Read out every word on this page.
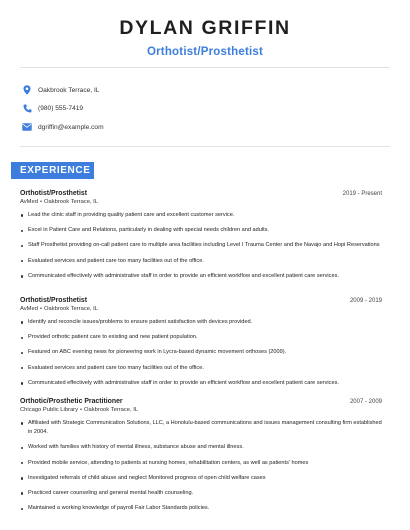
DYLAN GRIFFIN
Orthotist/Prosthetist
Oakbrook Terrace, IL
(980) 555-7419
dgriffin@example.com
EXPERIENCE
Orthotist/Prosthetist	2019 - Present
AvMed • Oakbrook Terrace, IL
Lead the clinic staff in providing quality patient care and excellent customer service.
Excel in Patient Care and Relations, particularly in dealing with special needs children and adults.
Staff Prosthetist providing on-call patient care to multiple area facilities including Level I Trauma Center and the Navajo and Hopi Reservations
Evaluated services and patient care too many facilities out of the office.
Communicated effectively with administrative staff in order to provide an efficient workflow and excellent patient care services.
Orthotist/Prosthetist	2009 - 2019
AvMed • Oakbrook Terrace, IL
Identify and reconcile issues/problems to ensure patient satisfaction with devices provided.
Provided orthotic patient care to existing and new patient population.
Featured on ABC evening news for pioneering work in Lycra-based dynamic movement orthoses (2009).
Evaluated services and patient care too many facilities out of the office.
Communicated effectively with administrative staff in order to provide an efficient workflow and excellent patient care services.
Orthotic/Prosthetic Practitioner	2007 - 2009
Chicago Public Library • Oakbrook Terrace, IL
Affiliated with Strategic Communication Solutions, LLC, a Honolulu-based communications and issues management consulting firm established in 2004.
Worked with families with history of mental illness, substance abuse and mental illness.
Provided mobile service, attending to patients at nursing homes, rehabilitation centers, as well as patients' homes
Investigated referrals of child abuse and neglect Monitored progress of open child welfare cases
Practiced career counseling and general mental health counseling.
Maintained a working knowledge of payroll Fair Labor Standards policies.
